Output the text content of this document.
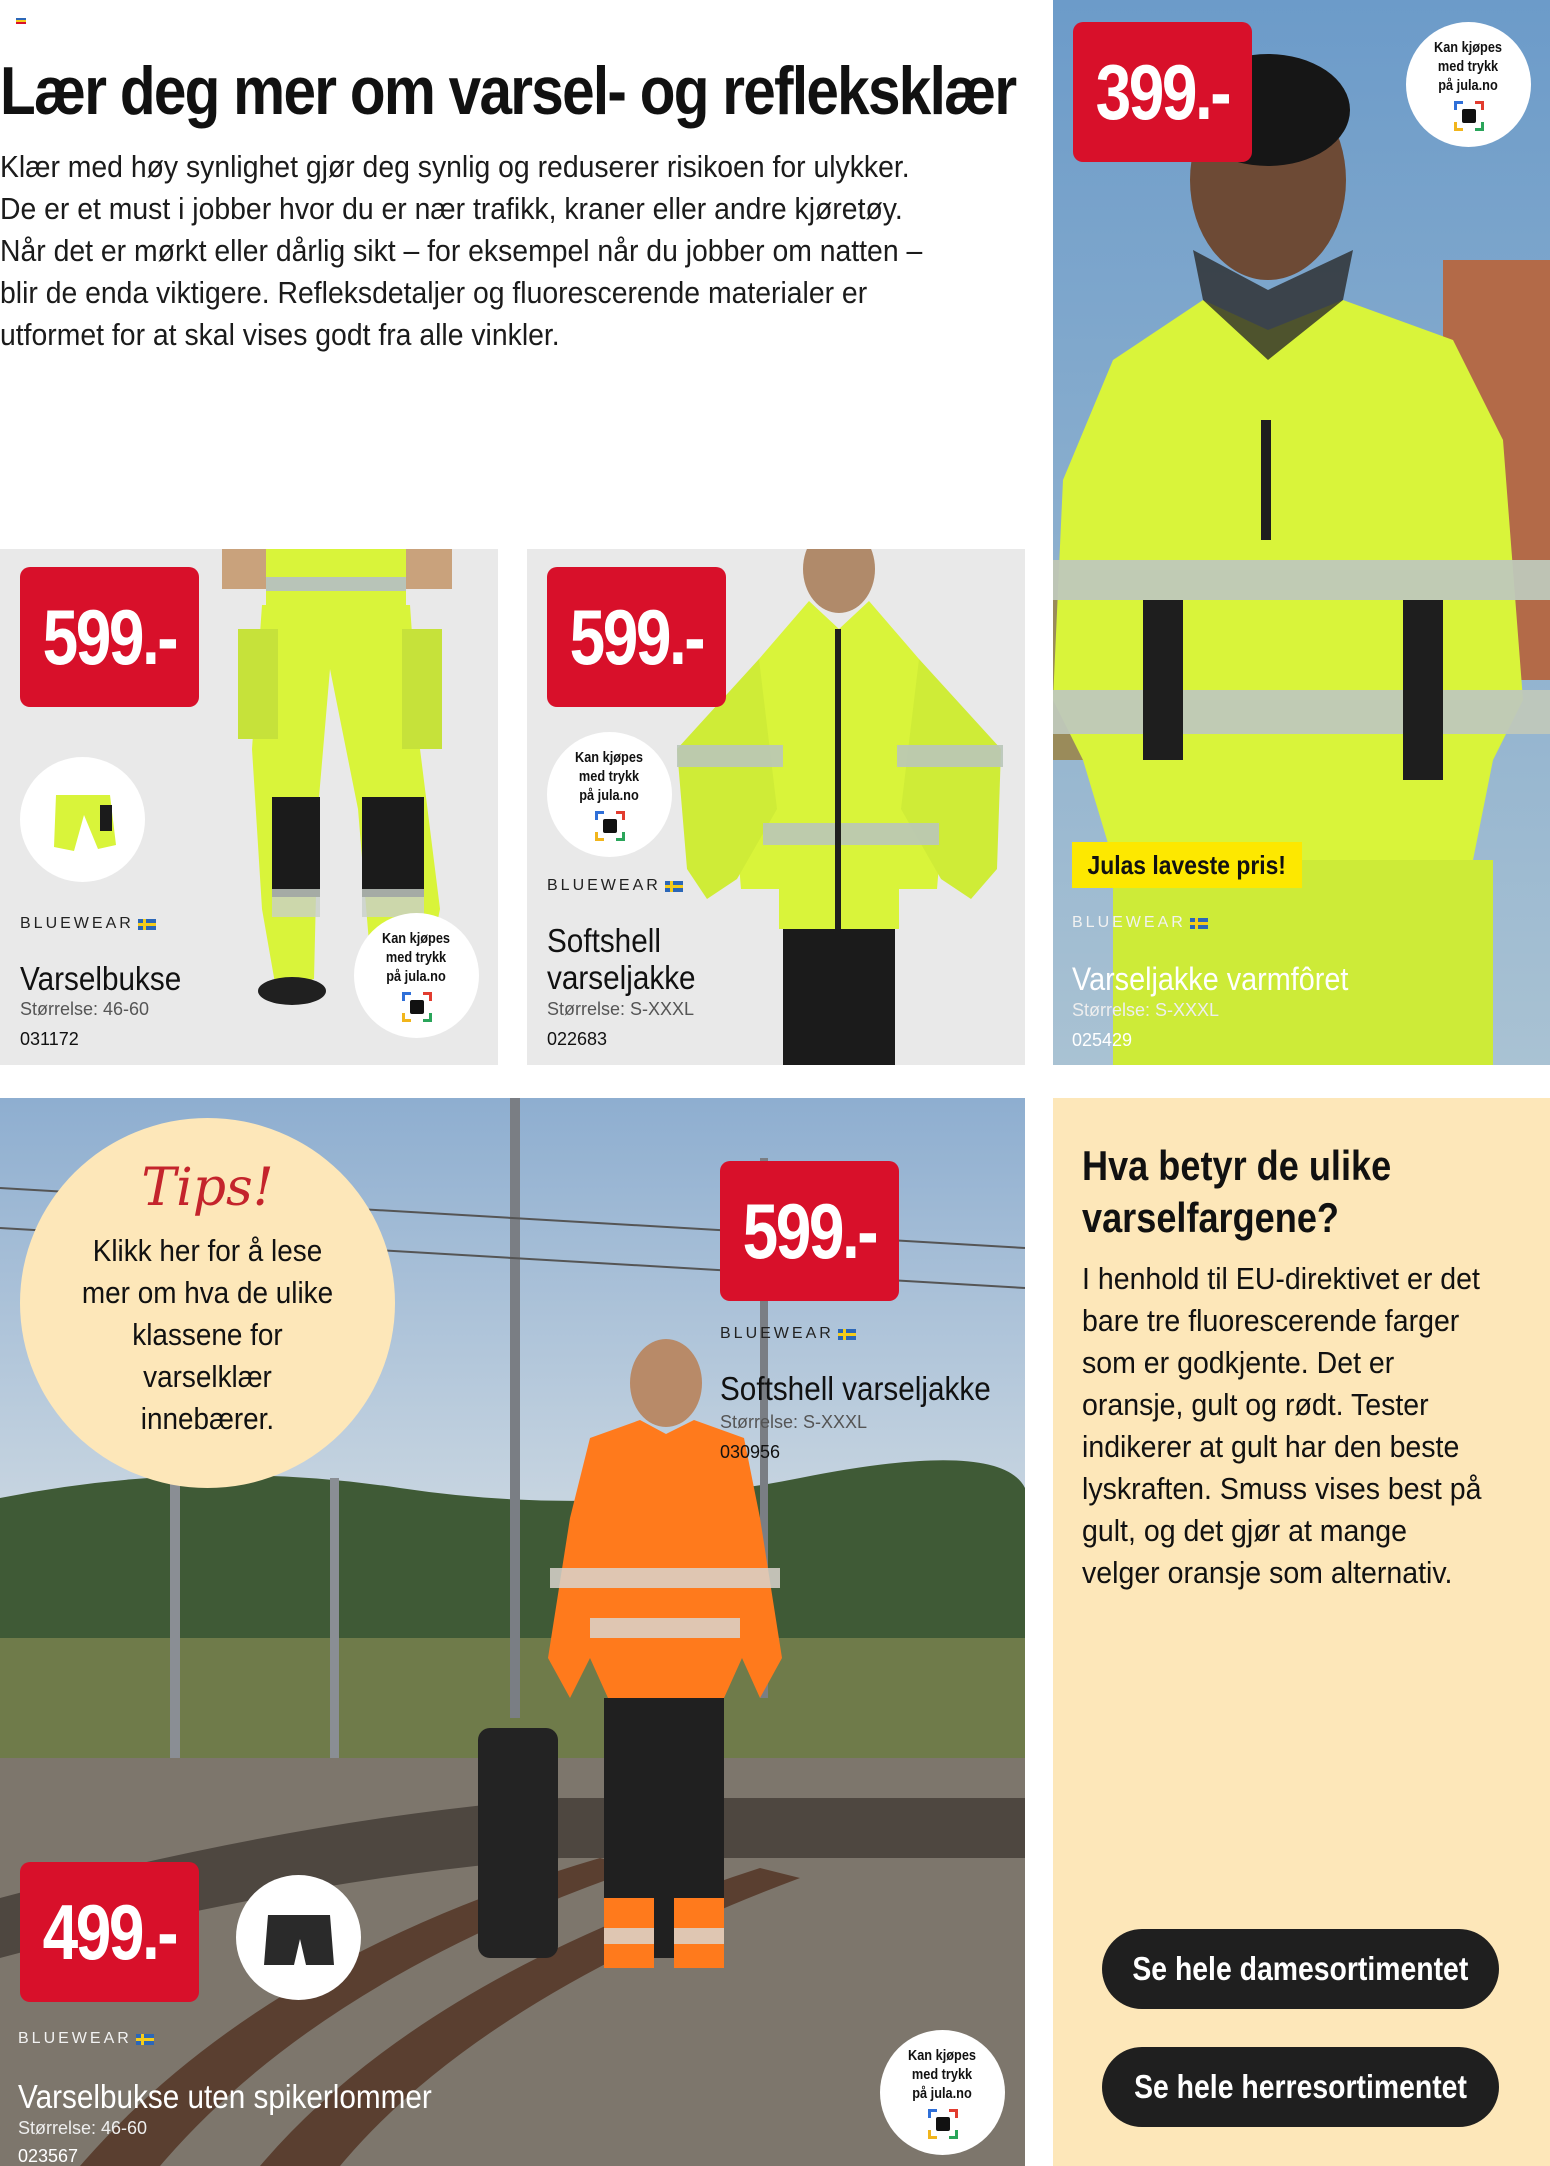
Lær deg mer om varsel- og refleksklær

Klær med høy synlighet gjør deg synlig og reduserer risikoen for ulykker. De er et must i jobber hvor du er nær trafikk, kraner eller andre kjøretøy. Når det er mørkt eller dårlig sikt – for eksempel når du jobber om natten – blir de enda viktigere. Refleksdetaljer og fluorescerende materialer er utformet for at skal vises godt fra alle vinkler.

599.-
BLUEWEAR
Varselbukse
Størrelse: 46-60
031172
Kan kjøpes
med trykk
på jula.no
599.-
Kan kjøpes
med trykk
på jula.no
BLUEWEAR
Softshell
varseljakke
Størrelse: S-XXXL
022683
399.-	Kan kjøpes
med trykk
på jula.no
BLUEWEAR
Varseljakke varmfôret
Størrelse: S-XXXL
025429
Julas laveste pris!
599.-
BLUEWEAR
Softshell varseljakke
Størrelse: S-XXXL
030956
499.-
BLUEWEAR
Varselbukse uten spikerlommer
Størrelse: 46-60
023567
Kan kjøpes
med trykk
på jula.no
Tips!
Klikk her for å lese mer om hva de ulike klassene for varselklær innebærer.
Hva betyr de ulike varselfargene?

I henhold til EU-direktivet er det bare tre fluorescerende farger som er godkjente. Det er oransje, gult og rødt. Tester indikerer at gult har den beste lyskraften. Smuss vises best på gult, og det gjør at mange velger oransje som alternativ.

Se hele damesortimentet
Se hele herresortimentet
